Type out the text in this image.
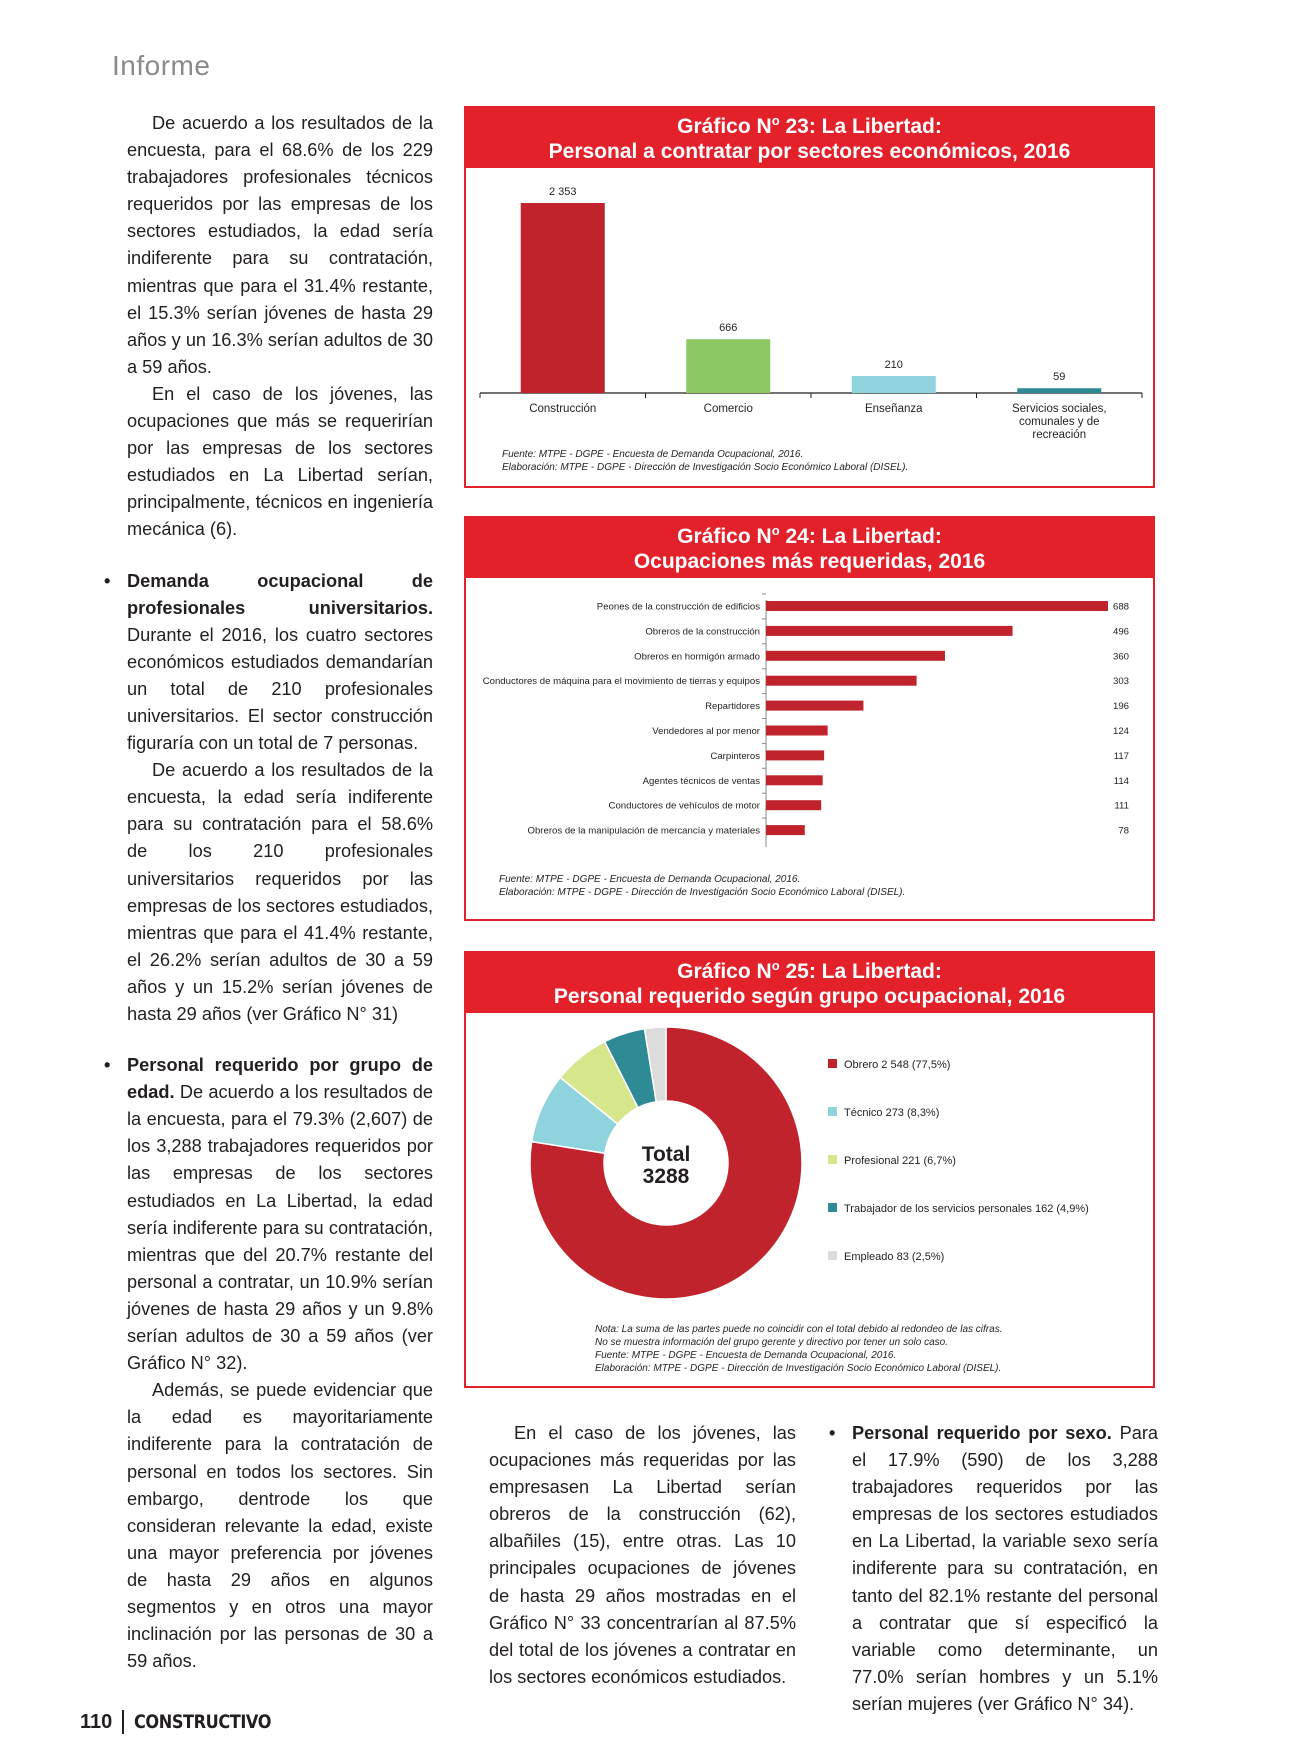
Informe

De acuerdo a los resultados de la encuesta, para el 68.6% de los 229 trabajadores profesionales técnicos requeridos por las empresas de los sectores estudiados, la edad sería indiferente para su contratación, mientras que para el 31.4% restante, el 15.3% serían jóvenes de hasta 29 años y un 16.3% serían adultos de 30 a 59 años.

En el caso de los jóvenes, las ocupaciones que más se requerirían por las empresas de los sectores estudiados en La Libertad serían, principalmente, técnicos en ingeniería mecánica (6).

• Demanda ocupacional de profesionales universitarios. Durante el 2016, los cuatro sectores económicos estudiados demandarían un total de 210 profesionales universitarios. El sector construcción figuraría con un total de 7 personas.

De acuerdo a los resultados de la encuesta, la edad sería indiferente para su contratación para el 58.6% de los 210 profesionales universitarios requeridos por las empresas de los sectores estudiados, mientras que para el 41.4% restante, el 26.2% serían adultos de 30 a 59 años y un 15.2% serían jóvenes de hasta 29 años (ver Gráfico N° 31)

• Personal requerido por grupo de edad. De acuerdo a los resultados de la encuesta, para el 79.3% (2,607) de los 3,288 trabajadores requeridos por las empresas de los sectores estudiados en La Libertad, la edad sería indiferente para su contratación, mientras que del 20.7% restante del personal a contratar, un 10.9% serían jóvenes de hasta 29 años y un 9.8% serían adultos de 30 a 59 años (ver Gráfico N° 32).

Además, se puede evidenciar que la edad es mayoritariamente indiferente para la contratación de personal en todos los sectores. Sin embargo, dentrode los que consideran relevante la edad, existe una mayor preferencia por jóvenes de hasta 29 años en algunos segmentos y en otros una mayor inclinación por las personas de 30 a 59 años.

Gráfico $N^o$ 23: La Libertad:
Personal a contratar por sectores económicos, 2016
2 353
Construcción
666
Comercio
210
Enseñanza
59
Servicios sociales, comunales y de recreación
Fuente: MTPE - DGPE - Encuesta de Demanda Ocupacional, 2016.
Elaboración: MTPE - DGPE - Dirección de Investigación Socio Económico Laboral (DISEL).
Gráfico $N^o$ 24: La Libertad:
Ocupaciones más requeridas, 2016
Peones de la construcción de edificios	688
Obreros de la construcción	496
Obreros en hormigón armado	360
Conductores de máquina para el movimiento de tierras y equipos	303
Repartidores	196
Vendedores al por menor	124
Carpinteros	117
Agentes técnicos de ventas	114
Conductores de vehículos de motor	111
Obreros de la manipulación de mercancía y materiales	78
Fuente: MTPE - DGPE - Encuesta de Demanda Ocupacional, 2016.
Elaboración: MTPE - DGPE - Dirección de Investigación Socio Económico Laboral (DISEL).
Gráfico $N^o$ 25: La Libertad:
Personal requerido según grupo ocupacional, 2016
Total
3288
Obrero 2 548 (77,5%)
Técnico 273 (8,3%)
Profesional 221 (6,7%)
Trabajador de los servicios personales 162 (4,9%)
Empleado 83 (2,5%)
Nota: La suma de las partes puede no coincidir con el total debido al redondeo de las cifras.
No se muestra información del grupo gerente y directivo por tener un solo caso.
Fuente: MTPE - DGPE - Encuesta de Demanda Ocupacional, 2016.
Elaboración: MTPE - DGPE - Dirección de Investigación Socio Económico Laboral (DISEL).

En el caso de los jóvenes, las ocupaciones más requeridas por las empresasen La Libertad serían obreros de la construcción (62), albañiles (15), entre otras. Las 10 principales ocupaciones de jóvenes de hasta 29 años mostradas en el Gráfico N° 33 concentrarían al 87.5% del total de los jóvenes a contratar en los sectores económicos estudiados.

• Personal requerido por sexo. Para el 17.9% (590) de los 3,288 trabajadores requeridos por las empresas de los sectores estudiados en La Libertad, la variable sexo sería indiferente para su contratación, en tanto del 82.1% restante del personal a contratar que sí especificó la variable como determinante, un 77.0% serían hombres y un 5.1% serían mujeres (ver Gráfico N° 34).

110 CONSTRUCTIVO
